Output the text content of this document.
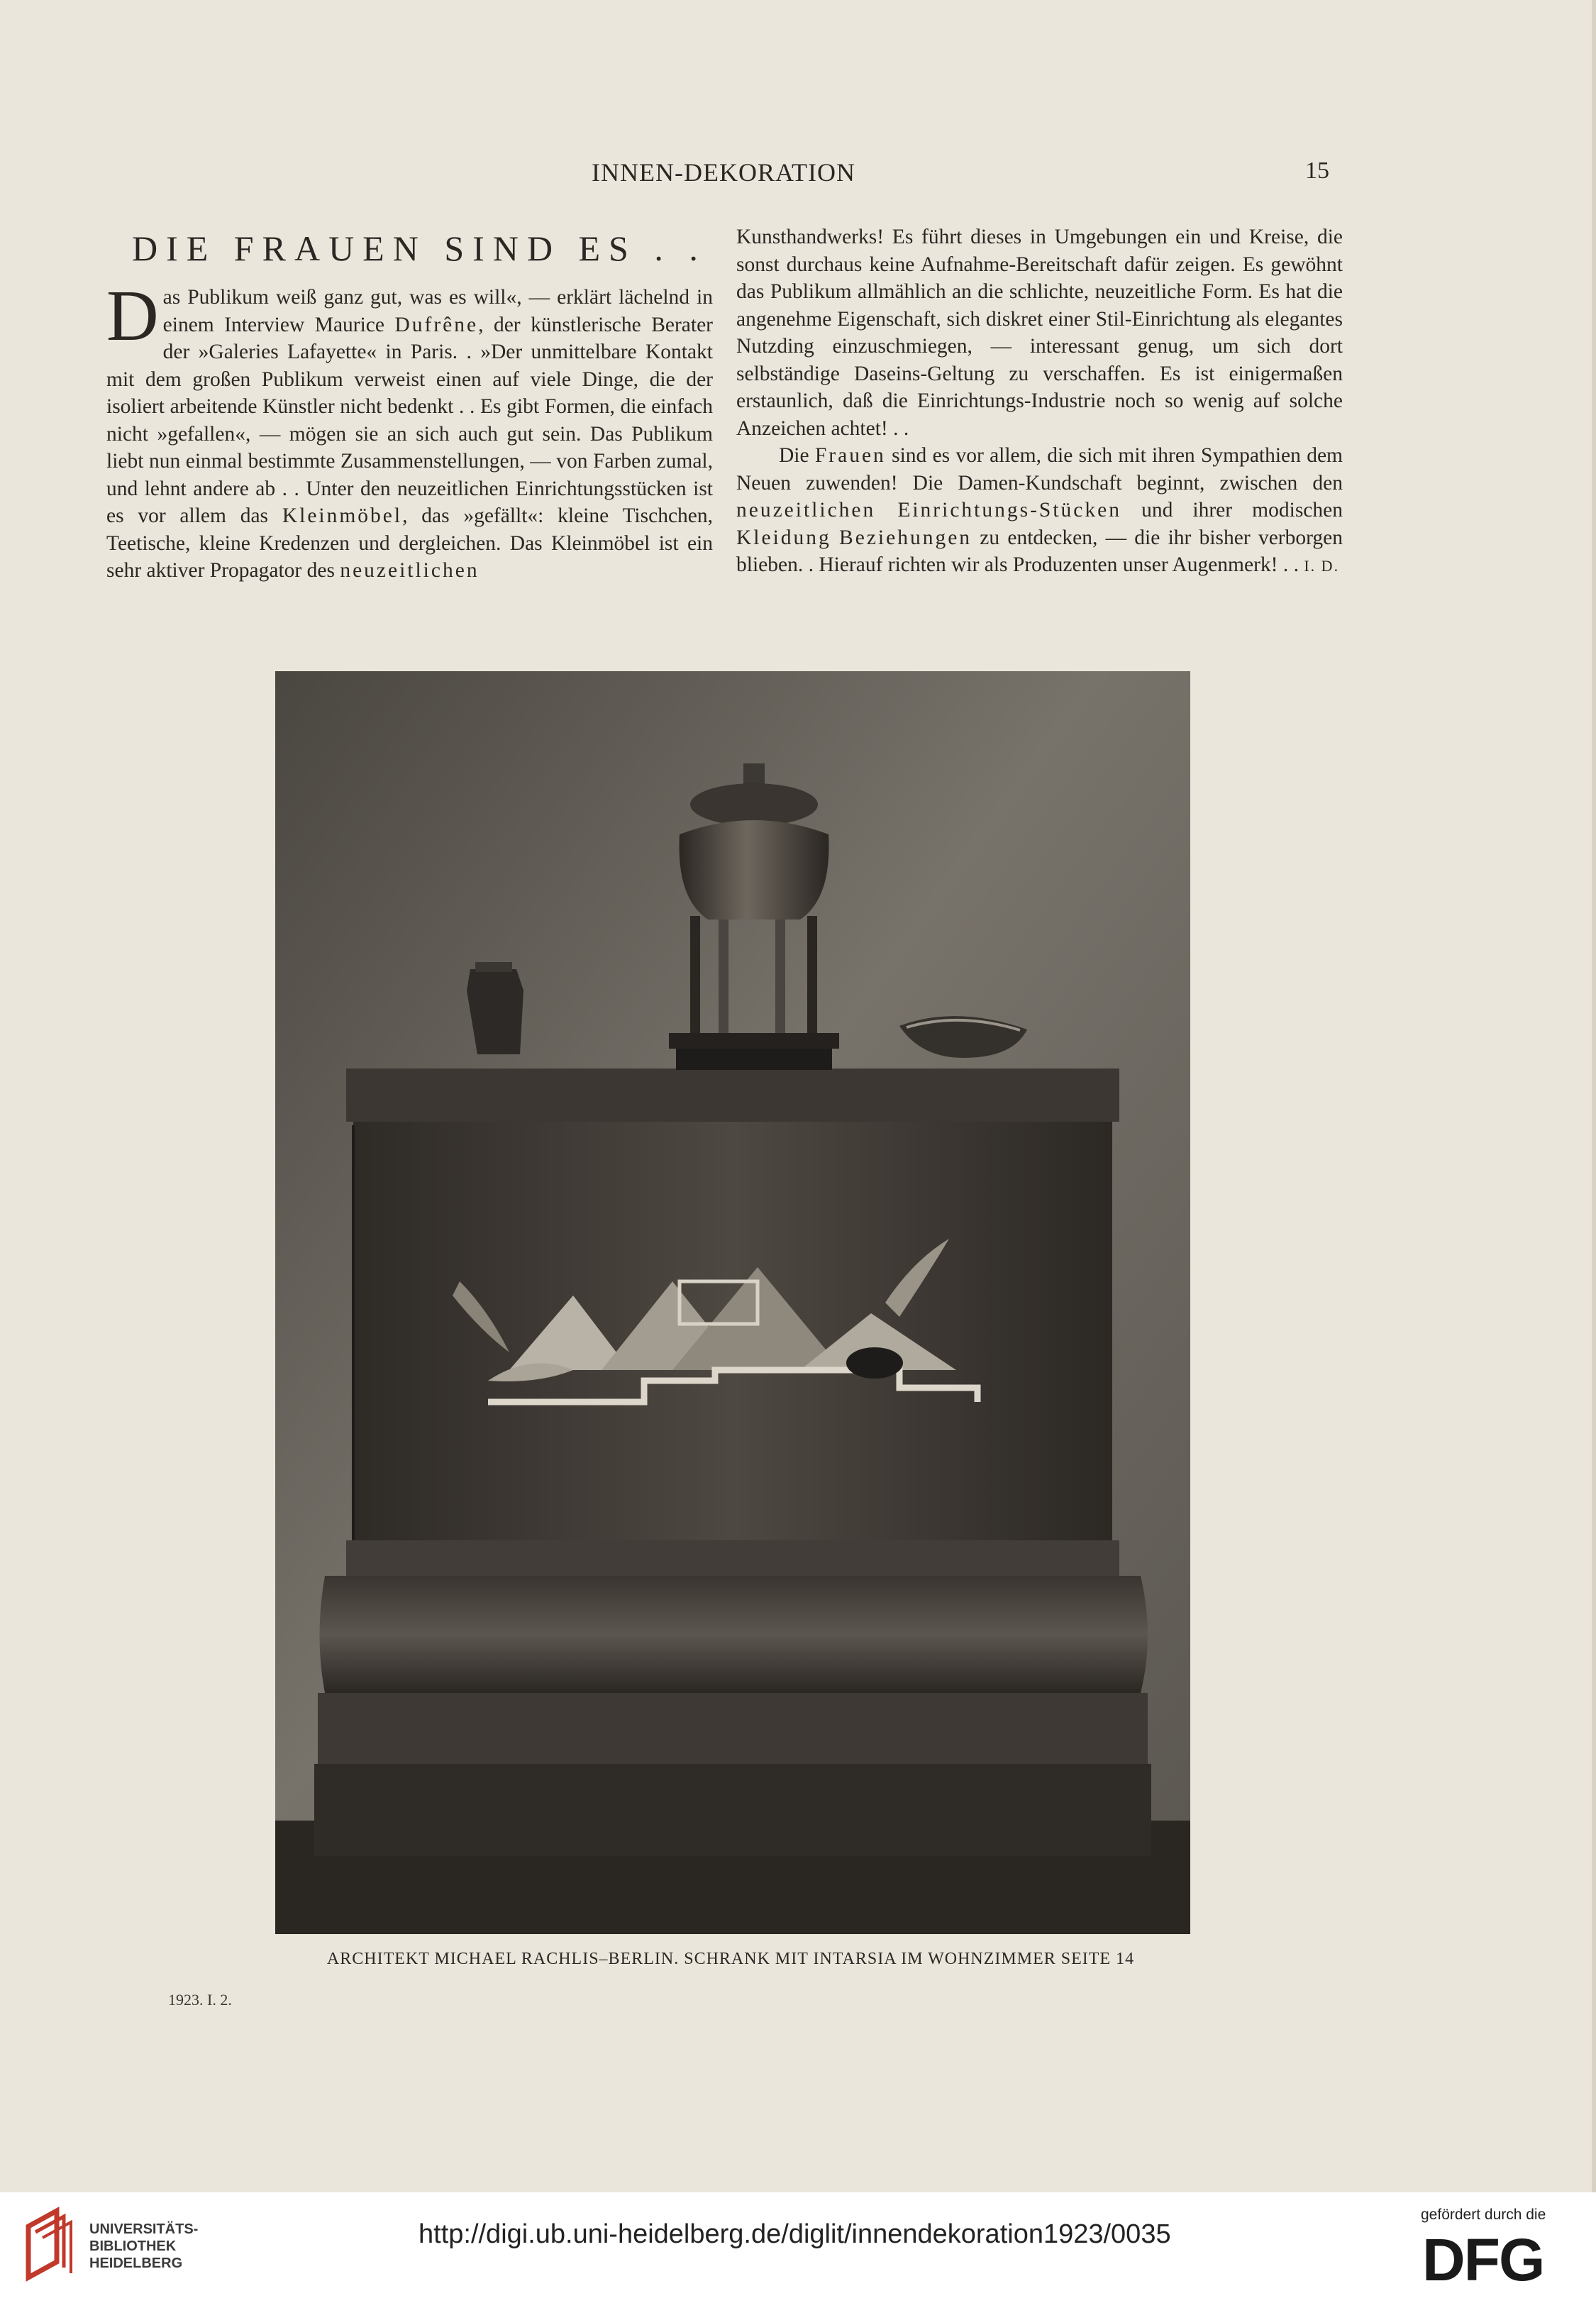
INNEN-DEKORATION	15
DIE FRAUEN SIND ES . .

Das Publikum weiß ganz gut, was es will«, — erklärt lächelnd in einem Interview Maurice Dufrêne, der künstlerische Berater der »Galeries Lafayette« in Paris. . »Der unmittelbare Kontakt mit dem großen Publikum verweist einen auf viele Dinge, die der isoliert arbeitende Künstler nicht bedenkt . . Es gibt Formen, die einfach nicht »gefallen«, — mögen sie an sich auch gut sein. Das Publikum liebt nun einmal bestimmte Zusammenstellungen, — von Farben zumal, und lehnt andere ab . . Unter den neuzeitlichen Einrichtungsstücken ist es vor allem das Kleinmöbel, das »gefällt«: kleine Tischchen, Teetische, kleine Kredenzen und dergleichen. Das Kleinmöbel ist ein sehr aktiver Propagator des neuzeitlichen

Kunsthandwerks! Es führt dieses in Umgebungen ein und Kreise, die sonst durchaus keine Aufnahme-Bereitschaft dafür zeigen. Es gewöhnt das Publikum allmählich an die schlichte, neuzeitliche Form. Es hat die angenehme Eigenschaft, sich diskret einer Stil-Einrichtung als elegantes Nutzding einzuschmiegen, — interessant genug, um sich dort selbständige Daseins-Geltung zu verschaffen. Es ist einigermaßen erstaunlich, daß die Einrichtungs-Industrie noch so wenig auf solche Anzeichen achtet! . .

Die Frauen sind es vor allem, die sich mit ihren Sympathien dem Neuen zuwenden! Die Damen-Kundschaft beginnt, zwischen den neuzeitlichen Einrichtungs-Stücken und ihrer modischen Kleidung Beziehungen zu entdecken, — die ihr bisher verborgen blieben. . Hierauf richten wir als Produzenten unser Augenmerk! . . I. D.

ARCHITEKT MICHAEL RACHLIS–BERLIN. SCHRANK MIT INTARSIA IM WOHNZIMMER SEITE 14
1923. I. 2.
UNIVERSITÄTS-
BIBLIOTHEK
HEIDELBERG
http://digi.ub.uni-heidelberg.de/diglit/innendekoration1923/0035
gefördert durch die
DFG
